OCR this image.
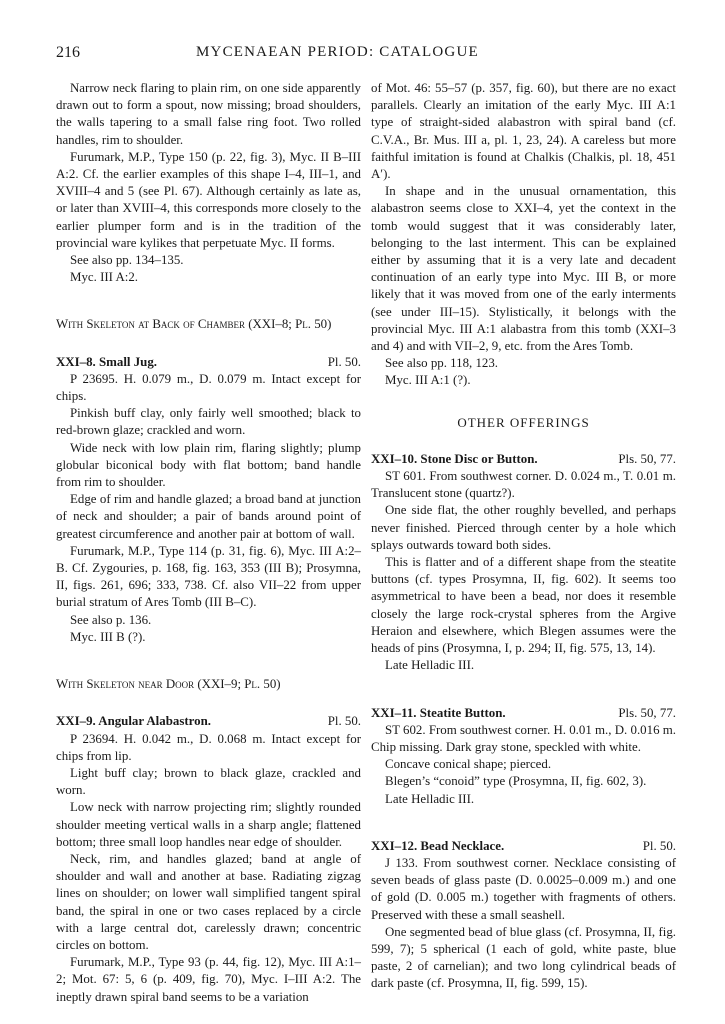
216	MYCENAEAN PERIOD: CATALOGUE

Narrow neck flaring to plain rim, on one side apparently drawn out to form a spout, now missing; broad shoulders, the walls tapering to a small false ring foot. Two rolled handles, rim to shoulder.

Furumark, M.P., Type 150 (p. 22, fig. 3), Myc. II B–III A:2. Cf. the earlier examples of this shape I–4, III–1, and XVIII–4 and 5 (see Pl. 67). Although certainly as late as, or later than XVIII–4, this corresponds more closely to the earlier plumper form and is in the tradition of the provincial ware kylikes that perpetuate Myc. II forms.

See also pp. 134–135.

Myc. III A:2.

With Skeleton at Back of Chamber (XXI–8; Pl. 50)

XXI–8. Small Jug.	Pl. 50.

P 23695. H. 0.079 m., D. 0.079 m. Intact except for chips.

Pinkish buff clay, only fairly well smoothed; black to red-brown glaze; crackled and worn.

Wide neck with low plain rim, flaring slightly; plump globular biconical body with flat bottom; band handle from rim to shoulder.

Edge of rim and handle glazed; a broad band at junction of neck and shoulder; a pair of bands around point of greatest circumference and another pair at bottom of wall.

Furumark, M.P., Type 114 (p. 31, fig. 6), Myc. III A:2–B. Cf. Zygouries, p. 168, fig. 163, 353 (III B); Prosymna, II, figs. 261, 696; 333, 738. Cf. also VII–22 from upper burial stratum of Ares Tomb (III B–C).

See also p. 136.

Myc. III B (?).

With Skeleton near Door (XXI–9; Pl. 50)

XXI–9. Angular Alabastron.	Pl. 50.

P 23694. H. 0.042 m., D. 0.068 m. Intact except for chips from lip.

Light buff clay; brown to black glaze, crackled and worn.

Low neck with narrow projecting rim; slightly rounded shoulder meeting vertical walls in a sharp angle; flattened bottom; three small loop handles near edge of shoulder.

Neck, rim, and handles glazed; band at angle of shoulder and wall and another at base. Radiating zigzag lines on shoulder; on lower wall simplified tangent spiral band, the spiral in one or two cases replaced by a circle with a large central dot, carelessly drawn; concentric circles on bottom.

Furumark, M.P., Type 93 (p. 44, fig. 12), Myc. III A:1–2; Mot. 67: 5, 6 (p. 409, fig. 70), Myc. I–III A:2. The ineptly drawn spiral band seems to be a variation

of Mot. 46: 55–57 (p. 357, fig. 60), but there are no exact parallels. Clearly an imitation of the early Myc. III A:1 type of straight-sided alabastron with spiral band (cf. C.V.A., Br. Mus. III a, pl. 1, 23, 24). A careless but more faithful imitation is found at Chalkis (Chalkis, pl. 18, 451 A′).

In shape and in the unusual ornamentation, this alabastron seems close to XXI–4, yet the context in the tomb would suggest that it was considerably later, belonging to the last interment. This can be explained either by assuming that it is a very late and decadent continuation of an early type into Myc. III B, or more likely that it was moved from one of the early interments (see under III–15). Stylistically, it belongs with the provincial Myc. III A:1 alabastra from this tomb (XXI–3 and 4) and with VII–2, 9, etc. from the Ares Tomb.

See also pp. 118, 123.

Myc. III A:1 (?).

OTHER OFFERINGS

XXI–10. Stone Disc or Button.	Pls. 50, 77.

ST 601. From southwest corner. D. 0.024 m., T. 0.01 m. Translucent stone (quartz?).

One side flat, the other roughly bevelled, and perhaps never finished. Pierced through center by a hole which splays outwards toward both sides.

This is flatter and of a different shape from the steatite buttons (cf. types Prosymna, II, fig. 602). It seems too asymmetrical to have been a bead, nor does it resemble closely the large rock-crystal spheres from the Argive Heraion and elsewhere, which Blegen assumes were the heads of pins (Prosymna, I, p. 294; II, fig. 575, 13, 14).

Late Helladic III.

XXI–11. Steatite Button.	Pls. 50, 77.

ST 602. From southwest corner. H. 0.01 m., D. 0.016 m. Chip missing. Dark gray stone, speckled with white.

Concave conical shape; pierced.

Blegen’s “conoid” type (Prosymna, II, fig. 602, 3).

Late Helladic III.

XXI–12. Bead Necklace.	Pl. 50.

J 133. From southwest corner. Necklace consisting of seven beads of glass paste (D. 0.0025–0.009 m.) and one of gold (D. 0.005 m.) together with fragments of others. Preserved with these a small seashell.

One segmented bead of blue glass (cf. Prosymna, II, fig. 599, 7); 5 spherical (1 each of gold, white paste, blue paste, 2 of carnelian); and two long cylindrical beads of dark paste (cf. Prosymna, II, fig. 599, 15).
